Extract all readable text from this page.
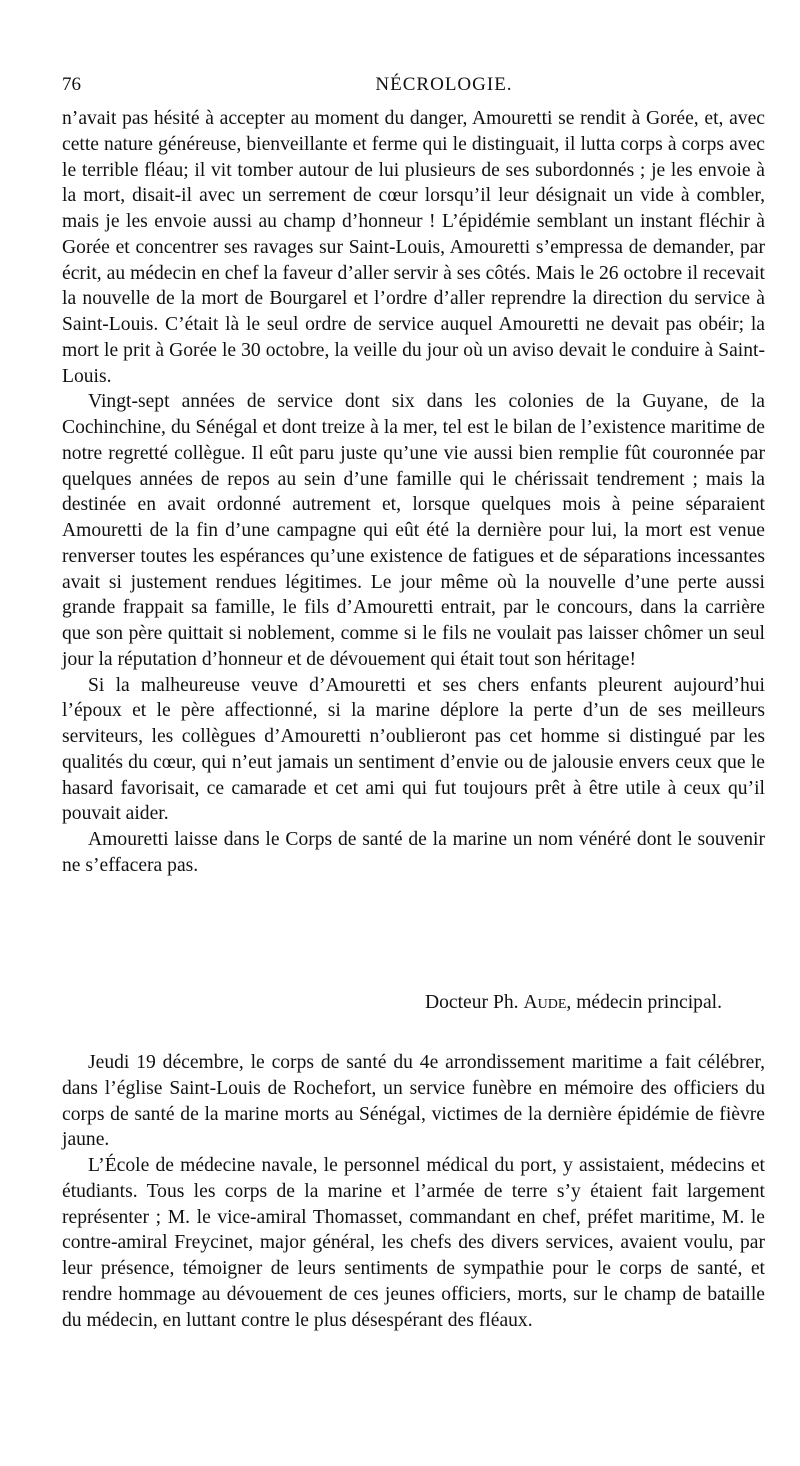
76	NÉCROLOGIE.

n’avait pas hésité à accepter au moment du danger, Amouretti se rendit à Gorée, et, avec cette nature généreuse, bienveillante et ferme qui le distinguait, il lutta corps à corps avec le terrible fléau; il vit tomber autour de lui plusieurs de ses subordonnés ; je les envoie à la mort, disait-il avec un serrement de cœur lorsqu’il leur désignait un vide à combler, mais je les envoie aussi au champ d’honneur ! L’épidémie semblant un instant fléchir à Gorée et concentrer ses ravages sur Saint-Louis, Amouretti s’empressa de demander, par écrit, au médecin en chef la faveur d’aller servir à ses côtés. Mais le 26 octobre il recevait la nouvelle de la mort de Bourgarel et l’ordre d’aller reprendre la direction du service à Saint-Louis. C’était là le seul ordre de service auquel Amouretti ne devait pas obéir; la mort le prit à Gorée le 30 octobre, la veille du jour où un aviso devait le conduire à Saint-Louis.

Vingt-sept années de service dont six dans les colonies de la Guyane, de la Cochinchine, du Sénégal et dont treize à la mer, tel est le bilan de l’existence maritime de notre regretté collègue. Il eût paru juste qu’une vie aussi bien remplie fût couronnée par quelques années de repos au sein d’une famille qui le chérissait tendrement ; mais la destinée en avait ordonné autrement et, lorsque quelques mois à peine séparaient Amouretti de la fin d’une campagne qui eût été la dernière pour lui, la mort est venue renverser toutes les espérances qu’une existence de fatigues et de séparations incessantes avait si justement rendues légitimes. Le jour même où la nouvelle d’une perte aussi grande frappait sa famille, le fils d’Amouretti entrait, par le concours, dans la carrière que son père quittait si noblement, comme si le fils ne voulait pas laisser chômer un seul jour la réputation d’honneur et de dévouement qui était tout son héritage!

Si la malheureuse veuve d’Amouretti et ses chers enfants pleurent aujourd’hui l’époux et le père affectionné, si la marine déplore la perte d’un de ses meilleurs serviteurs, les collègues d’Amouretti n’oublieront pas cet homme si distingué par les qualités du cœur, qui n’eut jamais un sentiment d’envie ou de jalousie envers ceux que le hasard favorisait, ce camarade et cet ami qui fut toujours prêt à être utile à ceux qu’il pouvait aider.

Amouretti laisse dans le Corps de santé de la marine un nom vénéré dont le souvenir ne s’effacera pas.

Docteur Ph. Aude, médecin principal.

Jeudi 19 décembre, le corps de santé du 4e arrondissement maritime a fait célébrer, dans l’église Saint-Louis de Rochefort, un service funèbre en mémoire des officiers du corps de santé de la marine morts au Sénégal, victimes de la dernière épidémie de fièvre jaune.

L’École de médecine navale, le personnel médical du port, y assistaient, médecins et étudiants. Tous les corps de la marine et l’armée de terre s’y étaient fait largement représenter ; M. le vice-amiral Thomasset, commandant en chef, préfet maritime, M. le contre-amiral Freycinet, major général, les chefs des divers services, avaient voulu, par leur présence, témoigner de leurs sentiments de sympathie pour le corps de santé, et rendre hommage au dévouement de ces jeunes officiers, morts, sur le champ de bataille du médecin, en luttant contre le plus désespérant des fléaux.
